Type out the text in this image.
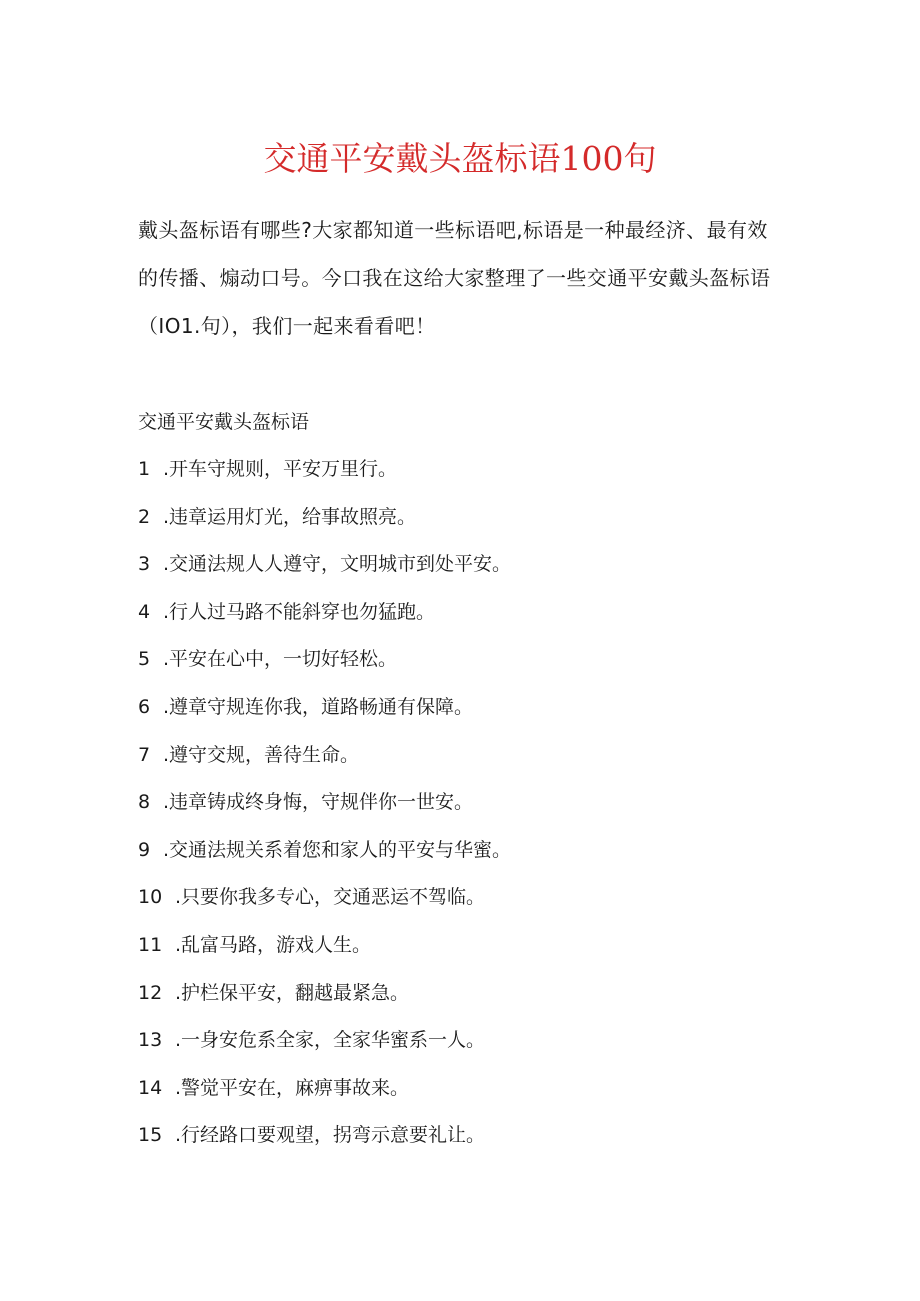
交通平安戴头盔标语100句
戴头盔标语有哪些?大家都知道一些标语吧,标语是一种最经济、最有效的传播、煽动口号。今口我在这给大家整理了一些交通平安戴头盔标语（IO1.句），我们一起来看看吧！
交通平安戴头盔标语
1 . 开车守规则，平安万里行。
2 . 违章运用灯光，给事故照亮。
3 . 交通法规人人遵守，文明城市到处平安。
4 . 行人过马路不能斜穿也勿猛跑。
5 . 平安在心中，一切好轻松。
6 . 遵章守规连你我，道路畅通有保障。
7 . 遵守交规，善待生命。
8 . 违章铸成终身悔，守规伴你一世安。
9 . 交通法规关系着您和家人的平安与华蜜。
10 . 只要你我多专心，交通恶运不驾临。
11 . 乱富马路，游戏人生。
12 . 护栏保平安，翻越最紧急。
13 . 一身安危系全家，全家华蜜系一人。
14 . 警觉平安在，麻痹事故来。
15 . 行经路口要观望，拐弯示意要礼让。
